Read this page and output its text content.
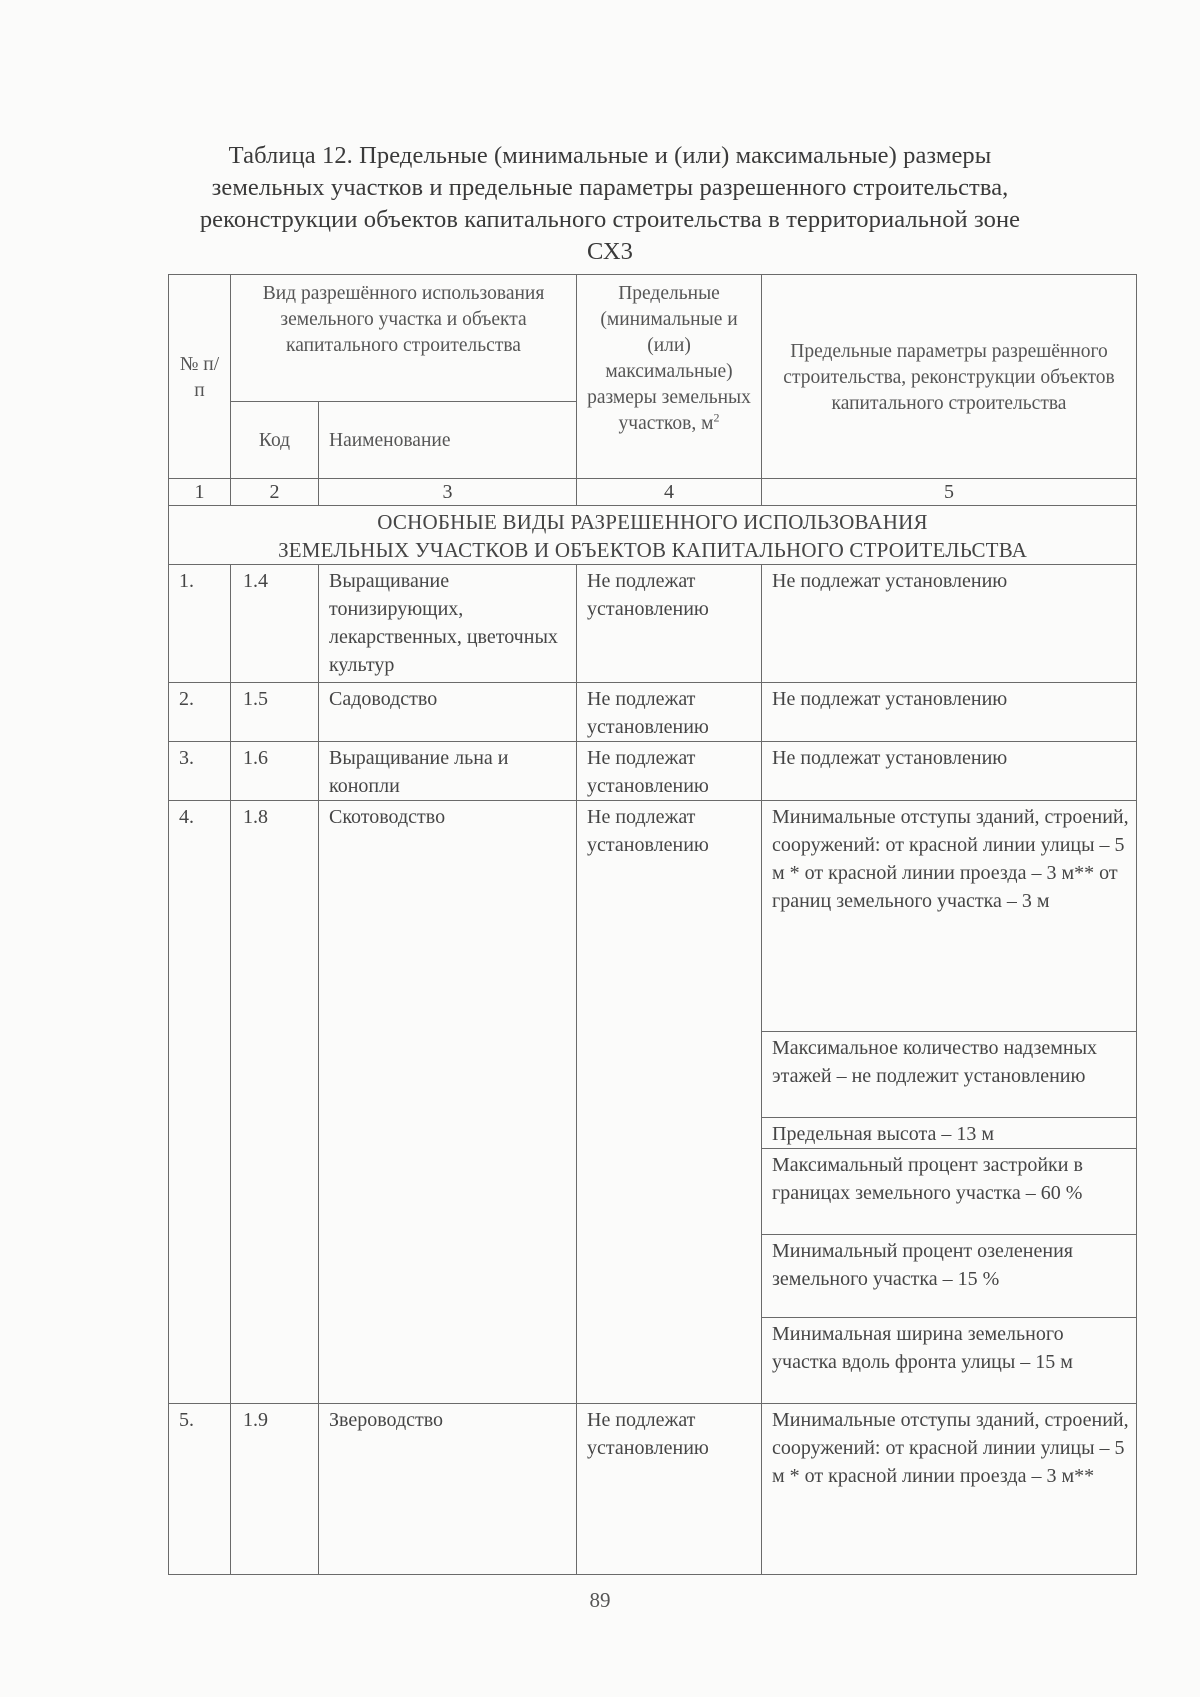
Таблица 12. Предельные (минимальные и (или) максимальные) размеры
земельных участков и предельные параметры разрешенного строительства,
реконструкции объектов капитального строительства в территориальной зоне
СХ3
№ п/п	Вид разрешённого использования земельного участка и объекта капитального строительства		Предельные (минимальные и (или) максимальные) размеры земельных участков, $м^2$	Предельные параметры разрешённого строительства, реконструкции объектов капитального строительства
	Код	Наименование		
1	2	3	4	5

ОСНОБНЫЕ ВИДЫ РАЗРЕШЕННОГО ИСПОЛЬЗОВАНИЯ
ЗЕМЕЛЬНЫХ УЧАСТКОВ И ОБЪЕКТОВ КАПИТАЛЬНОГО СТРОИТЕЛЬСТВА				

1.	1.4	Выращивание тонизирующих, лекарственных, цветочных культур	Не подлежат установлению	Не подлежат установлению
2.	1.5	Садоводство	Не подлежат установлению	Не подлежат установлению
3.	1.6	Выращивание льна и конопли	Не подлежат установлению	Не подлежат установлению
4.	1.8	Скотоводство	Не подлежат установлению	Минимальные отступы зданий, строений, сооружений: от красной линии улицы – 5 м * от красной линии проезда – 3 м** от границ земельного участка – 3 м
				Максимальное количество надземных этажей – не подлежит установлению
				Предельная высота – 13 м
				Максимальный процент застройки в границах земельного участка – 60 %
				Минимальный процент озеленения земельного участка – 15 %
				Минимальная ширина земельного участка вдоль фронта улицы – 15 м
5.	1.9	Звероводство	Не подлежат установлению	Минимальные отступы зданий, строений, сооружений: от красной линии улицы – 5 м * от красной линии проезда – 3 м**
89
